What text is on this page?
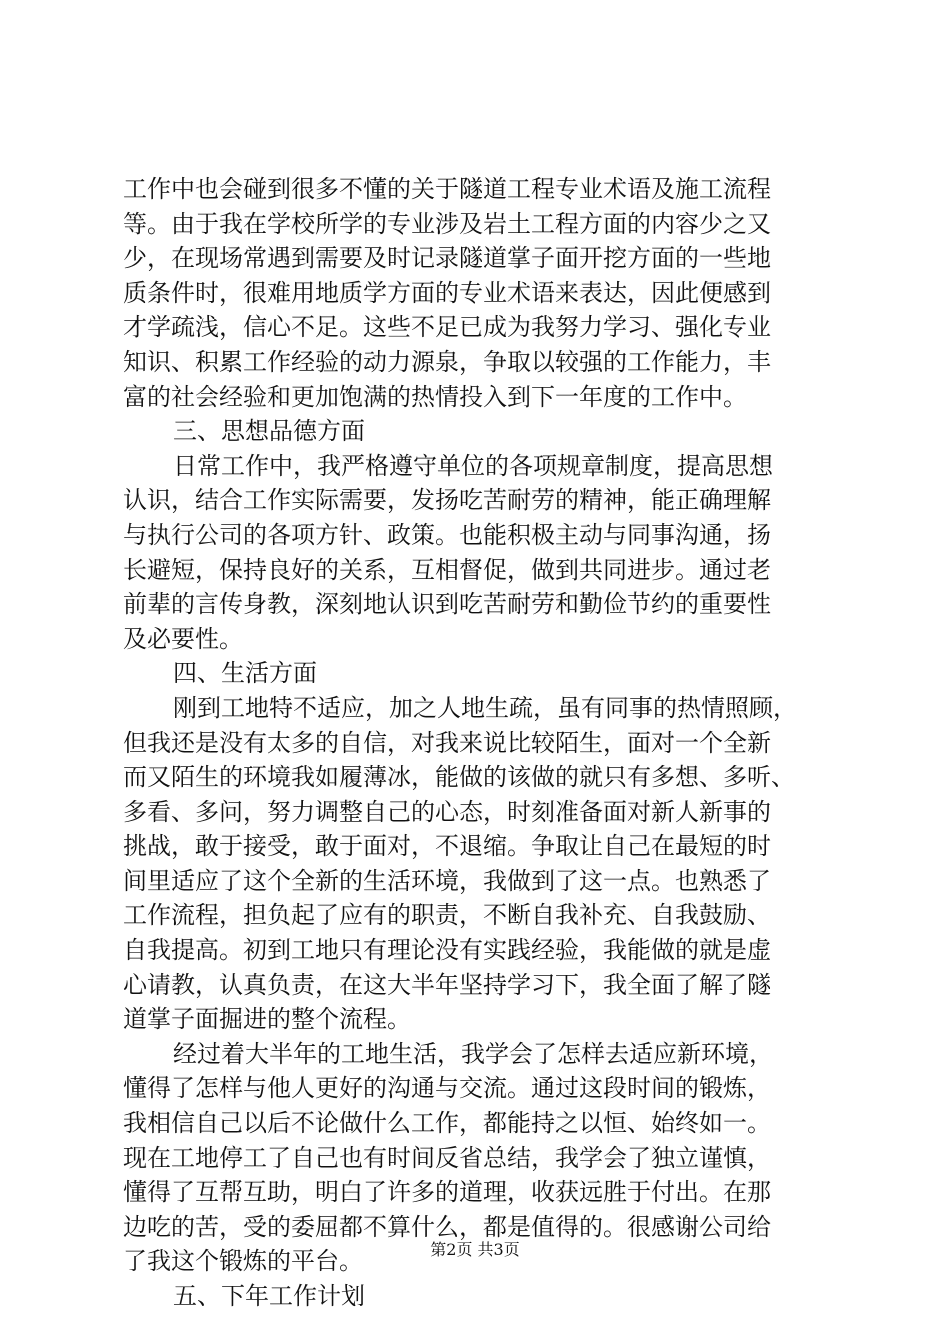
工作中也会碰到很多不懂的关于隧道工程专业术语及施工流程
等。由于我在学校所学的专业涉及岩土工程方面的内容少之又
少，在现场常遇到需要及时记录隧道掌子面开挖方面的一些地
质条件时，很难用地质学方面的专业术语来表达，因此便感到
才学疏浅，信心不足。这些不足已成为我努力学习、强化专业
知识、积累工作经验的动力源泉，争取以较强的工作能力，丰
富的社会经验和更加饱满的热情投入到下一年度的工作中。
三、思想品德方面
日常工作中，我严格遵守单位的各项规章制度，提高思想
认识，结合工作实际需要，发扬吃苦耐劳的精神，能正确理解
与执行公司的各项方针、政策。也能积极主动与同事沟通，扬
长避短，保持良好的关系，互相督促，做到共同进步。通过老
前辈的言传身教，深刻地认识到吃苦耐劳和勤俭节约的重要性
及必要性。
四、生活方面
刚到工地特不适应，加之人地生疏，虽有同事的热情照顾，
但我还是没有太多的自信，对我来说比较陌生，面对一个全新
而又陌生的环境我如履薄冰，能做的该做的就只有多想、多听、
多看、多问，努力调整自己的心态，时刻准备面对新人新事的
挑战，敢于接受，敢于面对，不退缩。争取让自己在最短的时
间里适应了这个全新的生活环境，我做到了这一点。也熟悉了
工作流程，担负起了应有的职责，不断自我补充、自我鼓励、
自我提高。初到工地只有理论没有实践经验，我能做的就是虚
心请教，认真负责，在这大半年坚持学习下，我全面了解了隧
道掌子面掘进的整个流程。
经过着大半年的工地生活，我学会了怎样去适应新环境，
懂得了怎样与他人更好的沟通与交流。通过这段时间的锻炼，
我相信自己以后不论做什么工作，都能持之以恒、始终如一。
现在工地停工了自己也有时间反省总结，我学会了独立谨慎，
懂得了互帮互助，明白了许多的道理，收获远胜于付出。在那
边吃的苦，受的委屈都不算什么，都是值得的。很感谢公司给
了我这个锻炼的平台。
五、下年工作计划
第2页 共3页
